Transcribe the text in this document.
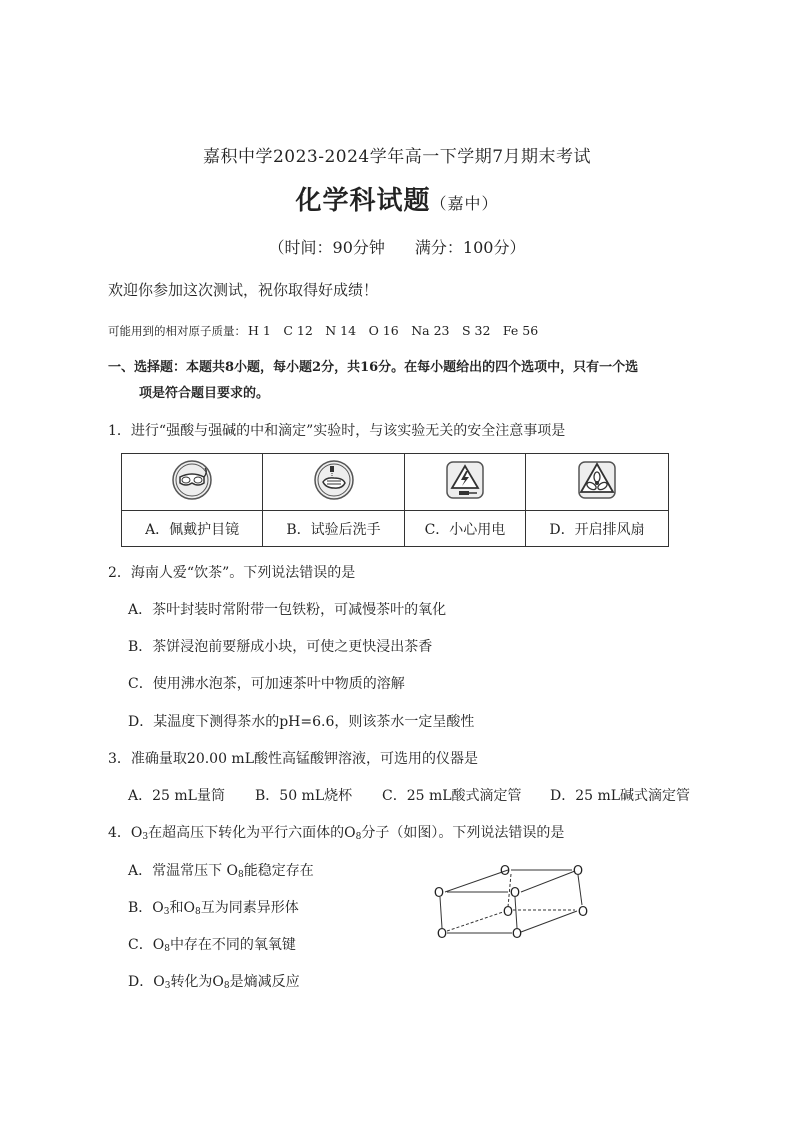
嘉积中学2023-2024学年高一下学期7月期末考试
化学科试题（嘉中）
（时间：90分钟 满分：100分）
欢迎你参加这次测试，祝你取得好成绩！
可能用到的相对原子质量： H 1　C 12　N 14　O 16　Na 23　S 32　Fe 56
一、选择题：本题共8小题，每小题2分，共16分。在每小题给出的四个选项中，只有一个选
项是符合题目要求的。
1．进行“强酸与强碱的中和滴定”实验时，与该实验无关的安全注意事项是

A．佩戴护目镜	B．试验后洗手	C．小心用电	D．开启排风扇
2．海南人爱“饮茶”。下列说法错误的是
A．茶叶封装时常附带一包铁粉，可减慢茶叶的氧化
B．茶饼浸泡前要掰成小块，可使之更快浸出茶香
C．使用沸水泡茶，可加速茶叶中物质的溶解
D．某温度下测得茶水的pH=6.6，则该茶水一定呈酸性
3．准确量取20.00 mL酸性高锰酸钾溶液，可选用的仪器是
A．25 mL量筒 B．50 mL烧杯 C．25 mL酸式滴定管 D．25 mL碱式滴定管
4．$O_3$在超高压下转化为平行六面体的$O_8$分子（如图）。下列说法错误的是
A．常温常压下 $O_8$能稳定存在
B．$O_3$和$O_8$互为同素异形体
C．$O_8$中存在不同的氧氧键
D．$O_3$转化为$O_8$是熵减反应
O	O
O	O
O	O
O	O
